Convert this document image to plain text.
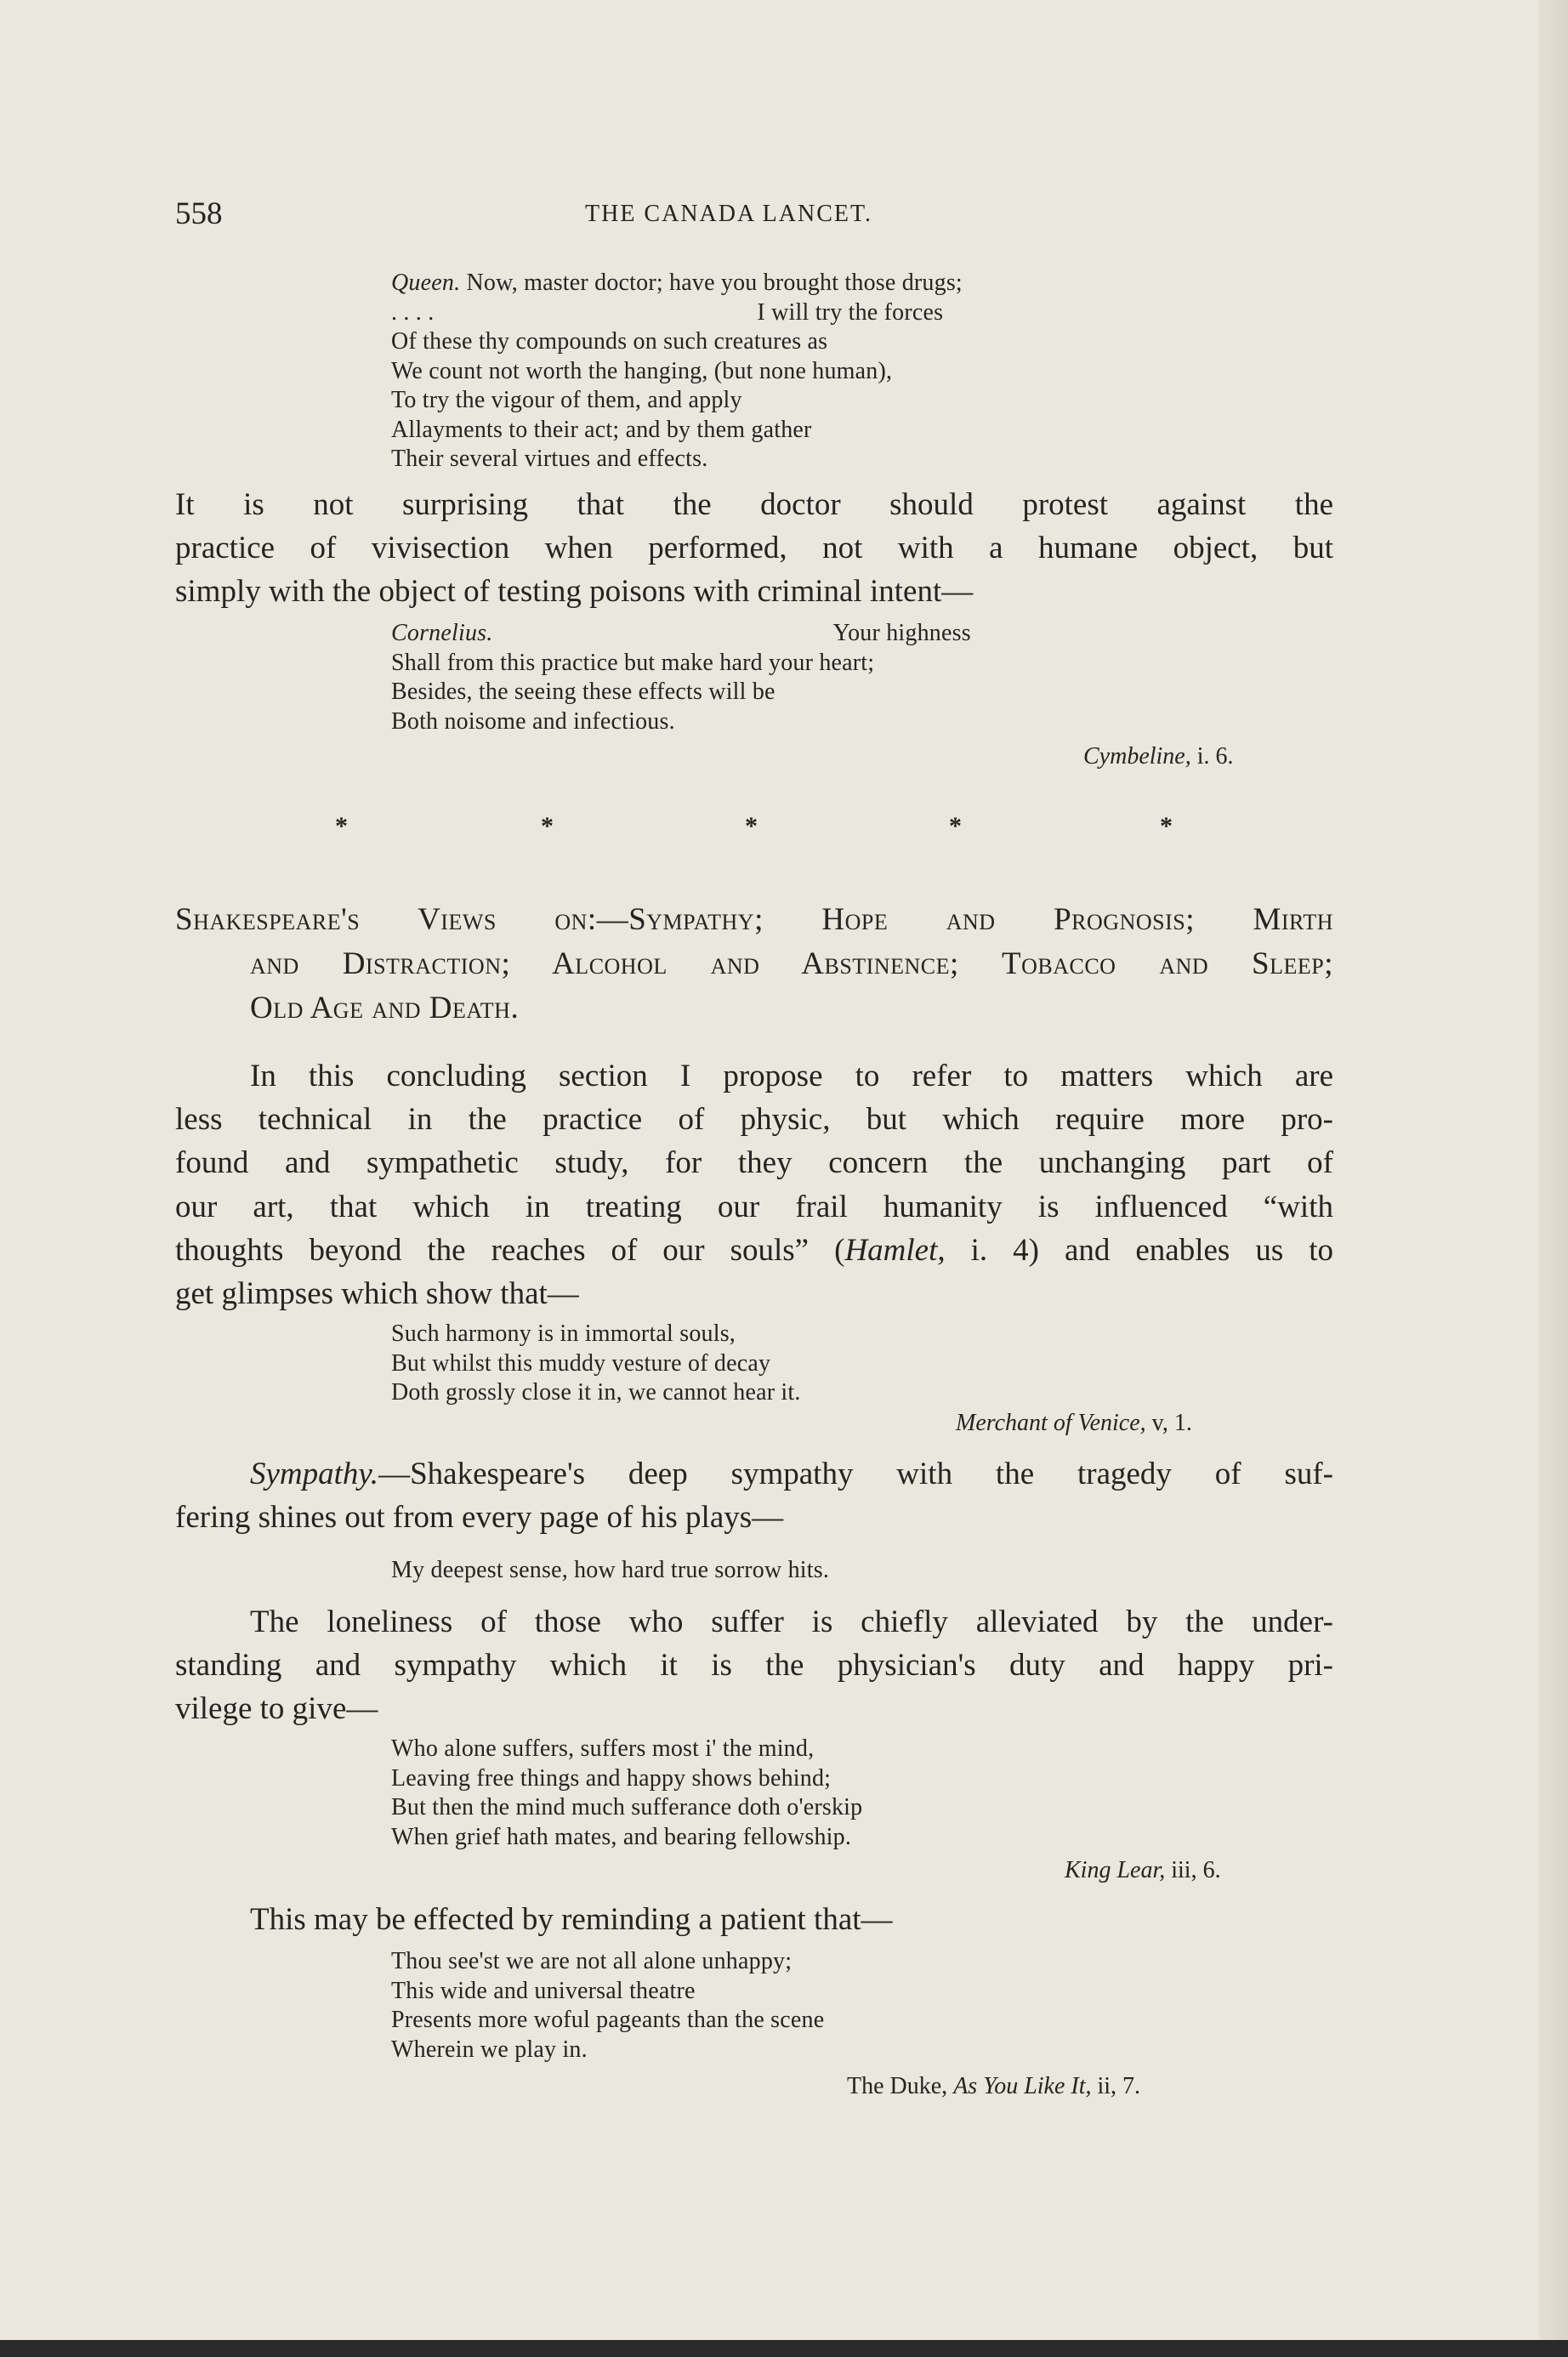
558	THE CANADA LANCET.
Queen. Now, master doctor; have you brought those drugs;
. . . .	I will try the forces
Of these thy compounds on such creatures as
We count not worth the hanging, (but none human),
To try the vigour of them, and apply
Allayments to their act; and by them gather
Their several virtues and effects.
It is not surprising that the doctor should protest against the
practice of vivisection when performed, not with a humane object, but
simply with the object of testing poisons with criminal intent—
Cornelius.	Your highness
Shall from this practice but make hard your heart;
Besides, the seeing these effects will be
Both noisome and infectious.
Cymbeline, i. 6.
*	*	*	*	*
Shakespeare's Views on:—Sympathy; Hope and Prognosis; Mirth
and Distraction; Alcohol and Abstinence; Tobacco and Sleep;
Old Age and Death.
In this concluding section I propose to refer to matters which are
less technical in the practice of physic, but which require more pro-
found and sympathetic study, for they concern the unchanging part of
our art, that which in treating our frail humanity is influenced “with
thoughts beyond the reaches of our souls” (Hamlet, i. 4) and enables us to
get glimpses which show that—
Such harmony is in immortal souls,
But whilst this muddy vesture of decay
Doth grossly close it in, we cannot hear it.
Merchant of Venice, v, 1.
Sympathy.—Shakespeare's deep sympathy with the tragedy of suf-
fering shines out from every page of his plays—
My deepest sense, how hard true sorrow hits.
The loneliness of those who suffer is chiefly alleviated by the under-
standing and sympathy which it is the physician's duty and happy pri-
vilege to give—
Who alone suffers, suffers most i' the mind,
Leaving free things and happy shows behind;
But then the mind much sufferance doth o'erskip
When grief hath mates, and bearing fellowship.
King Lear, iii, 6.
This may be effected by reminding a patient that—
Thou see'st we are not all alone unhappy;
This wide and universal theatre
Presents more woful pageants than the scene
Wherein we play in.
The Duke, As You Like It, ii, 7.
